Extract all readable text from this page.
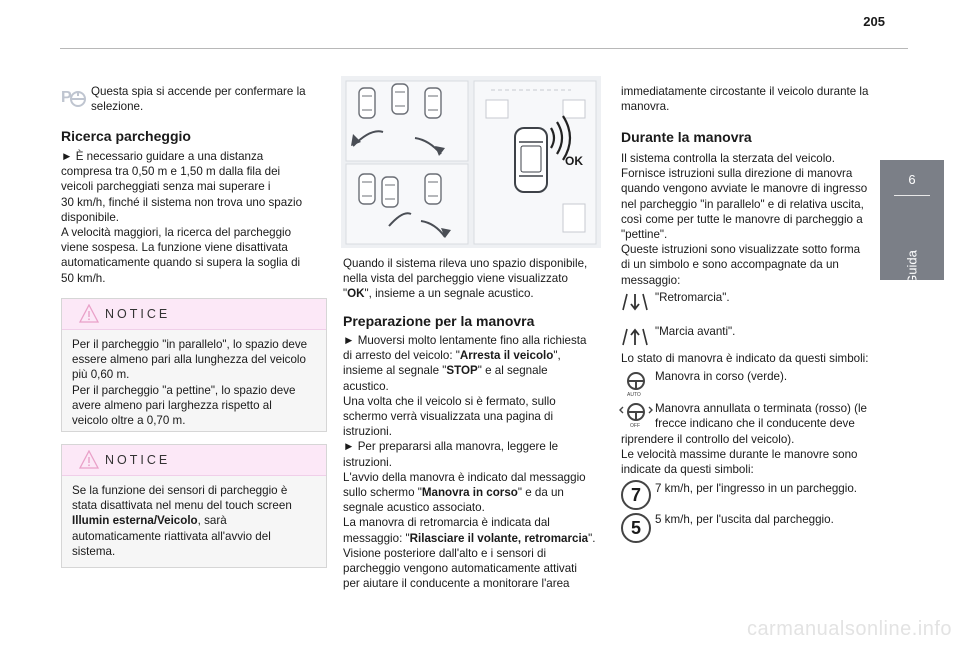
205
6
Guida
P Questa spia si accende per confermare la selezione.
Ricerca parcheggio

► È necessario guidare a una distanza

compresa tra 0,50 m e 1,50 m dalla fila dei

veicoli parcheggiati senza mai superare i

30 km/h, finché il sistema non trova uno spazio

disponibile.

A velocità maggiori, la ricerca del parcheggio

viene sospesa. La funzione viene disattivata

automaticamente quando si supera la soglia di

50 km/h.

NOTICE

Per il parcheggio "in parallelo", lo spazio deve

essere almeno pari alla lunghezza del veicolo

più 0,60 m.

Per il parcheggio "a pettine", lo spazio deve

avere almeno pari larghezza rispetto al

veicolo oltre a 0,70 m.

NOTICE

Se la funzione dei sensori di parcheggio è

stata disattivata nel menu del touch screen

Illumin esterna/Veicolo, sarà

automaticamente riattivata all'avvio del

sistema.

OK

Quando il sistema rileva uno spazio disponibile,

nella vista del parcheggio viene visualizzato

"OK", insieme a un segnale acustico.

Preparazione per la manovra

► Muoversi molto lentamente fino alla richiesta

di arresto del veicolo: "Arresta il veicolo",

insieme al segnale "STOP" e al segnale

acustico.

Una volta che il veicolo si è fermato, sullo

schermo verrà visualizzata una pagina di

istruzioni.

► Per prepararsi alla manovra, leggere le

istruzioni.

L'avvio della manovra è indicato dal messaggio

sullo schermo "Manovra in corso" e da un

segnale acustico associato.

La manovra di retromarcia è indicata dal

messaggio: "Rilasciare il volante, retromarcia".

Visione posteriore dall'alto e i sensori di

parcheggio vengono automaticamente attivati

per aiutare il conducente a monitorare l'area

immediatamente circostante il veicolo durante la

manovra.

Durante la manovra

Il sistema controlla la sterzata del veicolo.

Fornisce istruzioni sulla direzione di manovra

quando vengono avviate le manovre di ingresso

nel parcheggio "in parallelo" e di relativa uscita,

così come per tutte le manovre di parcheggio a

"pettine".

Queste istruzioni sono visualizzate sotto forma

di un simbolo e sono accompagnate da un

messaggio:

"Retromarcia".
"Marcia avanti".
Lo stato di manovra è indicato da questi simboli:
AUTO
Manovra in corso (verde).
OFF

Manovra annullata o terminata (rosso) (le

frecce indicano che il conducente deve

riprendere il controllo del veicolo).

Le velocità massime durante le manovre sono

indicate da questi simboli:

7	7 km/h, per l'ingresso in un parcheggio.
5	5 km/h, per l'uscita dal parcheggio.
carmanualsonline.info
